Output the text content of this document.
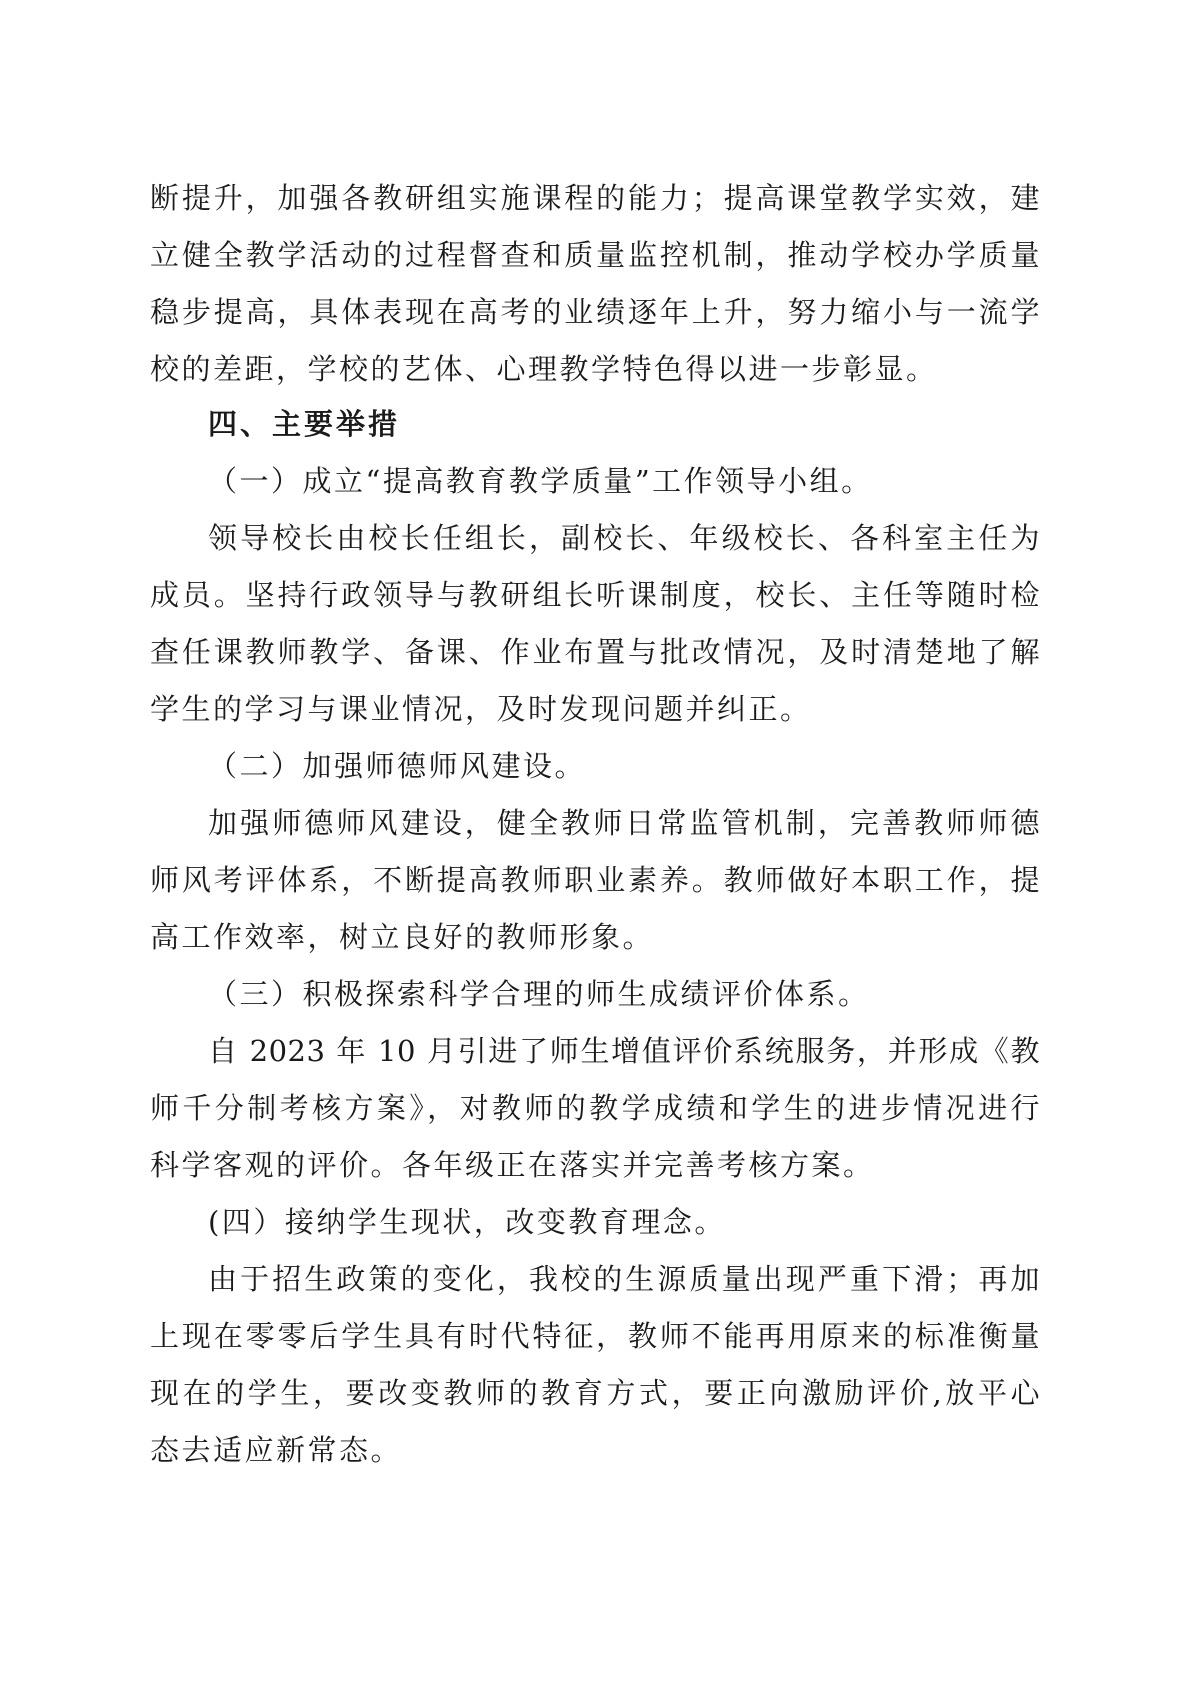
断提升，加强各教研组实施课程的能力；提高课堂教学实效，建
立健全教学活动的过程督查和质量监控机制，推动学校办学质量
稳步提高，具体表现在高考的业绩逐年上升，努力缩小与一流学
校的差距，学校的艺体、心理教学特色得以进一步彰显。
四、主要举措
（一）成立“提高教育教学质量”工作领导小组。
领导校长由校长任组长，副校长、年级校长、各科室主任为
成员。坚持行政领导与教研组长听课制度，校长、主任等随时检
查任课教师教学、备课、作业布置与批改情况，及时清楚地了解
学生的学习与课业情况，及时发现问题并纠正。
（二）加强师德师风建设。
加强师德师风建设，健全教师日常监管机制，完善教师师德
师风考评体系，不断提高教师职业素养。教师做好本职工作，提
高工作效率，树立良好的教师形象。
（三）积极探索科学合理的师生成绩评价体系。
自 2023 年 10 月引进了师生增值评价系统服务，并形成《教
师千分制考核方案》，对教师的教学成绩和学生的进步情况进行
科学客观的评价。各年级正在落实并完善考核方案。
(四）接纳学生现状，改变教育理念。
由于招生政策的变化，我校的生源质量出现严重下滑；再加
上现在零零后学生具有时代特征，教师不能再用原来的标准衡量
现在的学生，要改变教师的教育方式，要正向激励评价,放平心
态去适应新常态。
